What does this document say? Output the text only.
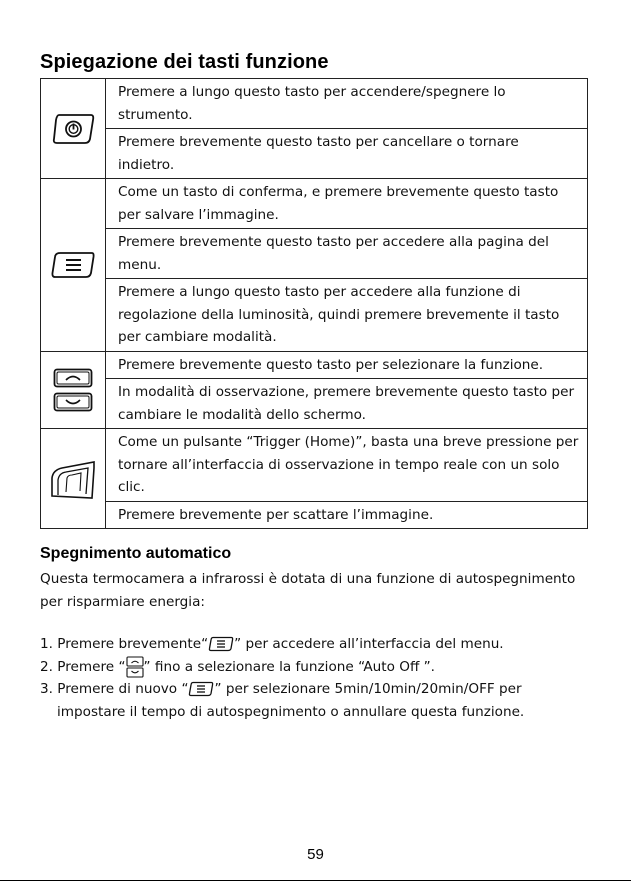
Spiegazione dei tasti funzione
	Premere a lungo questo tasto per accendere/spegnere lo strumento.
	Premere brevemente questo tasto per cancellare o tornare indietro.

	Come un tasto di conferma, e premere brevemente questo tasto per salvare l’immagine.
	Premere brevemente questo tasto per accedere alla pagina del menu.
	Premere a lungo questo tasto per accedere alla funzione di regolazione della luminosità, quindi premere brevemente il tasto per cambiare modalità.

	Premere brevemente questo tasto per selezionare la funzione.
	In modalità di osservazione, premere brevemente questo tasto per cambiare le modalità dello schermo.

	Come un pulsante “Trigger (Home)”, basta una breve pressione per tornare all’interfaccia di osservazione in tempo reale con un solo clic.
	Premere brevemente per scattare l’immagine.
Spegnimento automatico

Questa termocamera a infrarossi è dotata di una funzione di autospegnimento per risparmiare energia:

1. Premere brevemente“ ” per accedere all’interfaccia del menu.
2. Premere “ ” fino a selezionare la funzione “Auto Off ”.
3. Premere di nuovo “ ” per selezionare 5min/10min/20min/OFF per
impostare il tempo di autospegnimento o annullare questa funzione.
59
